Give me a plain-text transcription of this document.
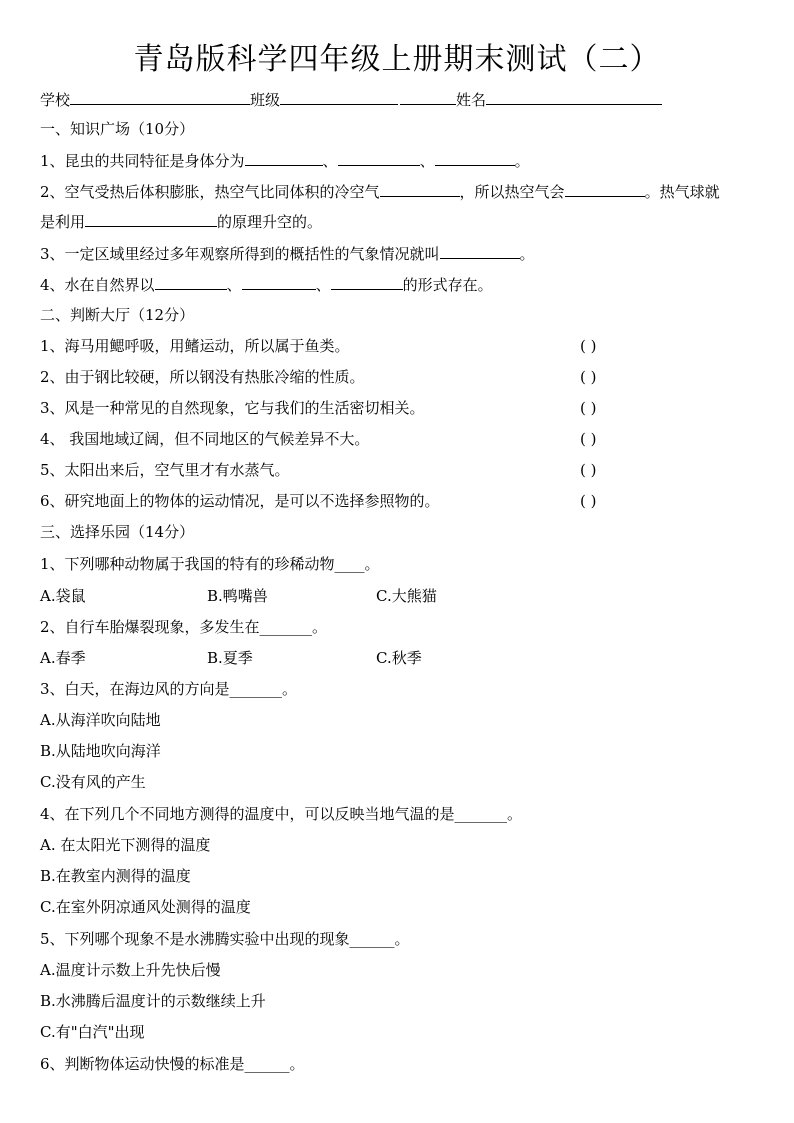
青岛版科学四年级上册期末测试（二）
学校	班级	姓名
一、知识广场（10分）
1、昆虫的共同特征是身体分为	、	、	。
2、空气受热后体积膨胀，热空气比同体积的冷空气	，所以热空气会	。热气球就
是利用	的原理升空的。
3、一定区域里经过多年观察所得到的概括性的气象情况就叫	。
4、水在自然界以	、	、	的形式存在。
二、判断大厅（12分）
1、海马用鳃呼吸，用鳍运动，所以属于鱼类。	( )
2、由于钢比较硬，所以钢没有热胀冷缩的性质。	( )
3、风是一种常见的自然现象，它与我们的生活密切相关。	( )
4、 我国地域辽阔，但不同地区的气候差异不大。	( )
5、太阳出来后，空气里才有水蒸气。	( )
6、研究地面上的物体的运动情况，是可以不选择参照物的。	( )
三、选择乐园（14分）
1、下列哪种动物属于我国的特有的珍稀动物____。
A.袋鼠	B.鸭嘴兽	C.大熊猫
2、自行车胎爆裂现象，多发生在_______。
A.春季	B.夏季	C.秋季
3、白天，在海边风的方向是_______。
A.从海洋吹向陆地
B.从陆地吹向海洋
C.没有风的产生
4、在下列几个不同地方测得的温度中，可以反映当地气温的是_______。
A. 在太阳光下测得的温度
B.在教室内测得的温度
C.在室外阴凉通风处测得的温度
5、下列哪个现象不是水沸腾实验中出现的现象______。
A.温度计示数上升先快后慢
B.水沸腾后温度计的示数继续上升
C.有"白汽"出现
6、判断物体运动快慢的标准是______。
